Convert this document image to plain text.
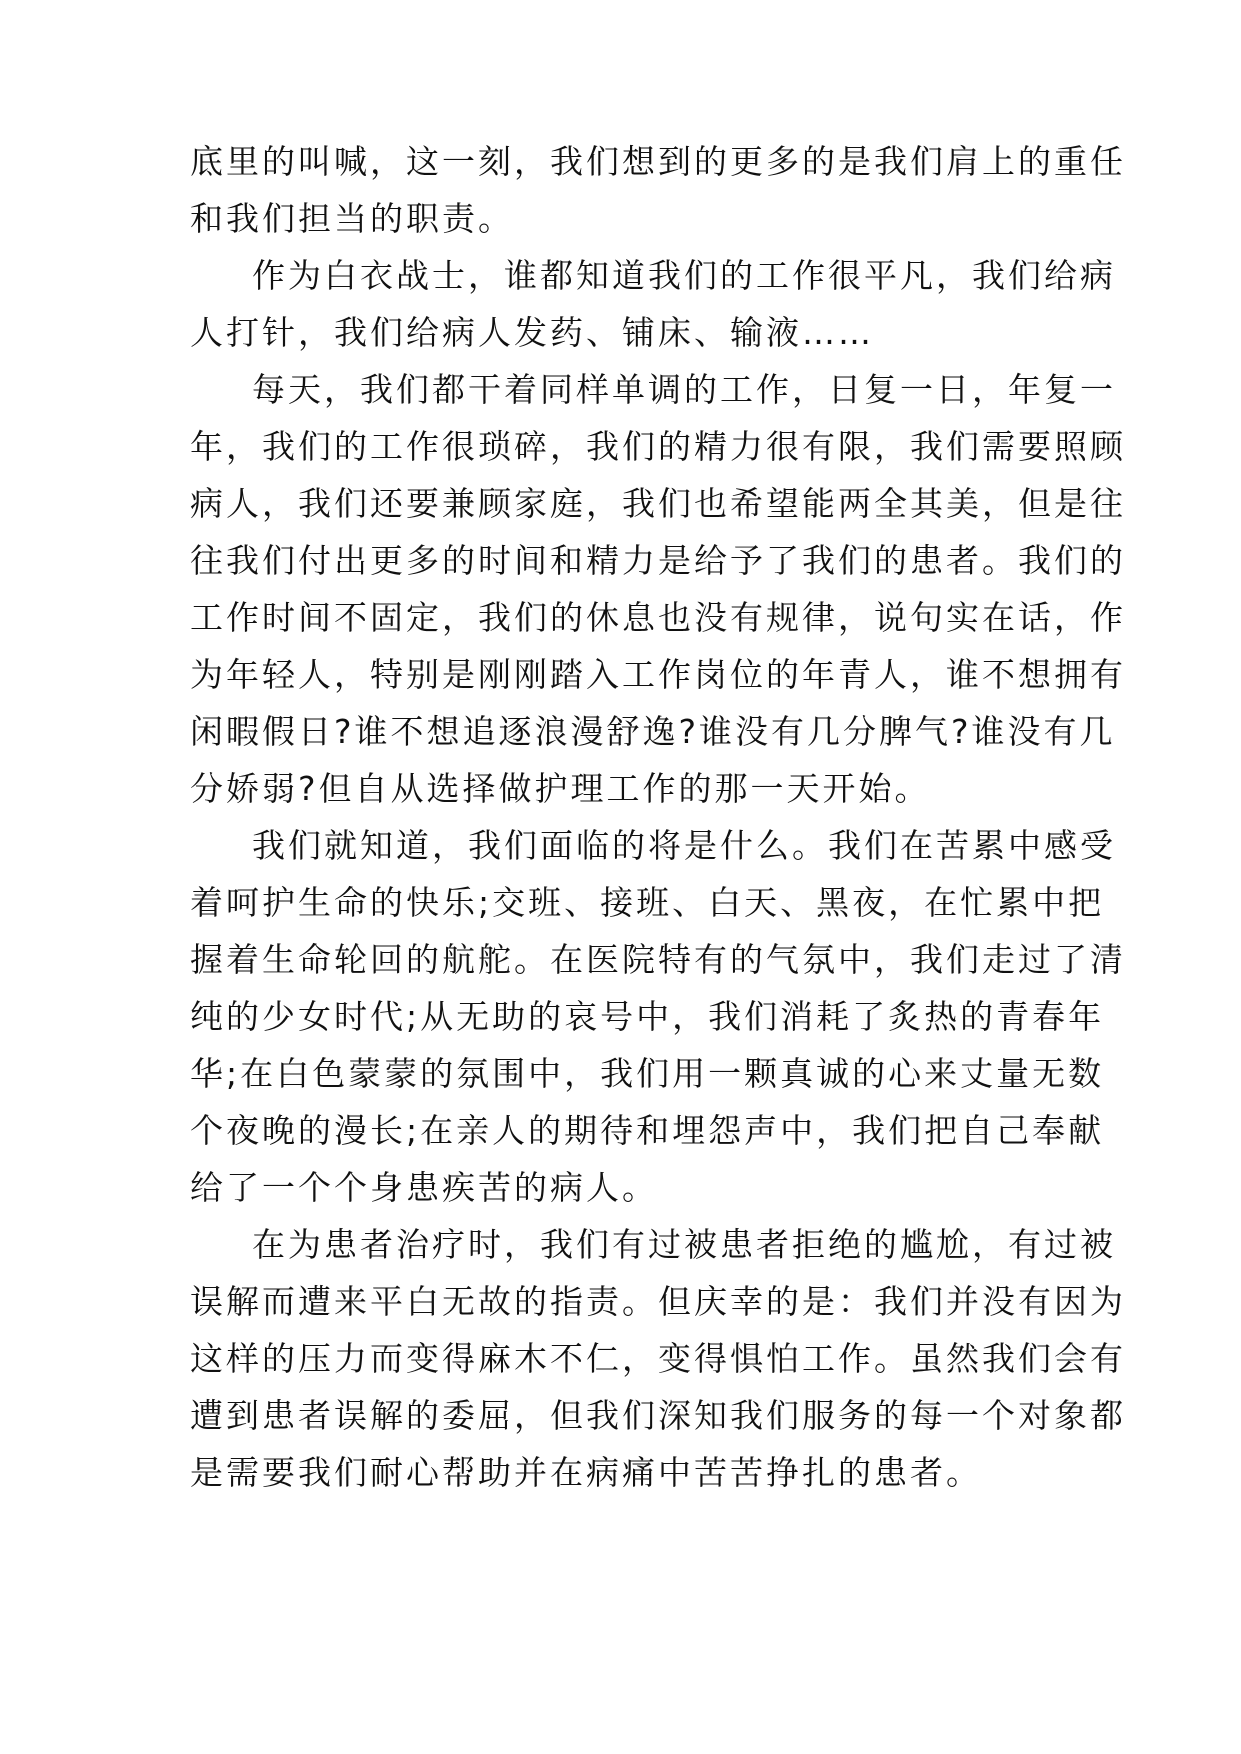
底里的叫喊，这一刻，我们想到的更多的是我们肩上的重任
和我们担当的职责。
作为白衣战士，谁都知道我们的工作很平凡，我们给病
人打针，我们给病人发药、铺床、输液……
每天，我们都干着同样单调的工作，日复一日，年复一
年，我们的工作很琐碎，我们的精力很有限，我们需要照顾
病人，我们还要兼顾家庭，我们也希望能两全其美，但是往
往我们付出更多的时间和精力是给予了我们的患者。我们的
工作时间不固定，我们的休息也没有规律，说句实在话，作
为年轻人，特别是刚刚踏入工作岗位的年青人，谁不想拥有
闲暇假日?谁不想追逐浪漫舒逸?谁没有几分脾气?谁没有几
分娇弱?但自从选择做护理工作的那一天开始。
我们就知道，我们面临的将是什么。我们在苦累中感受
着呵护生命的快乐;交班、接班、白天、黑夜，在忙累中把
握着生命轮回的航舵。在医院特有的气氛中，我们走过了清
纯的少女时代;从无助的哀号中，我们消耗了炙热的青春年
华;在白色蒙蒙的氛围中，我们用一颗真诚的心来丈量无数
个夜晚的漫长;在亲人的期待和埋怨声中，我们把自己奉献
给了一个个身患疾苦的病人。
在为患者治疗时，我们有过被患者拒绝的尴尬，有过被
误解而遭来平白无故的指责。但庆幸的是：我们并没有因为
这样的压力而变得麻木不仁，变得惧怕工作。虽然我们会有
遭到患者误解的委屈，但我们深知我们服务的每一个对象都
是需要我们耐心帮助并在病痛中苦苦挣扎的患者。
